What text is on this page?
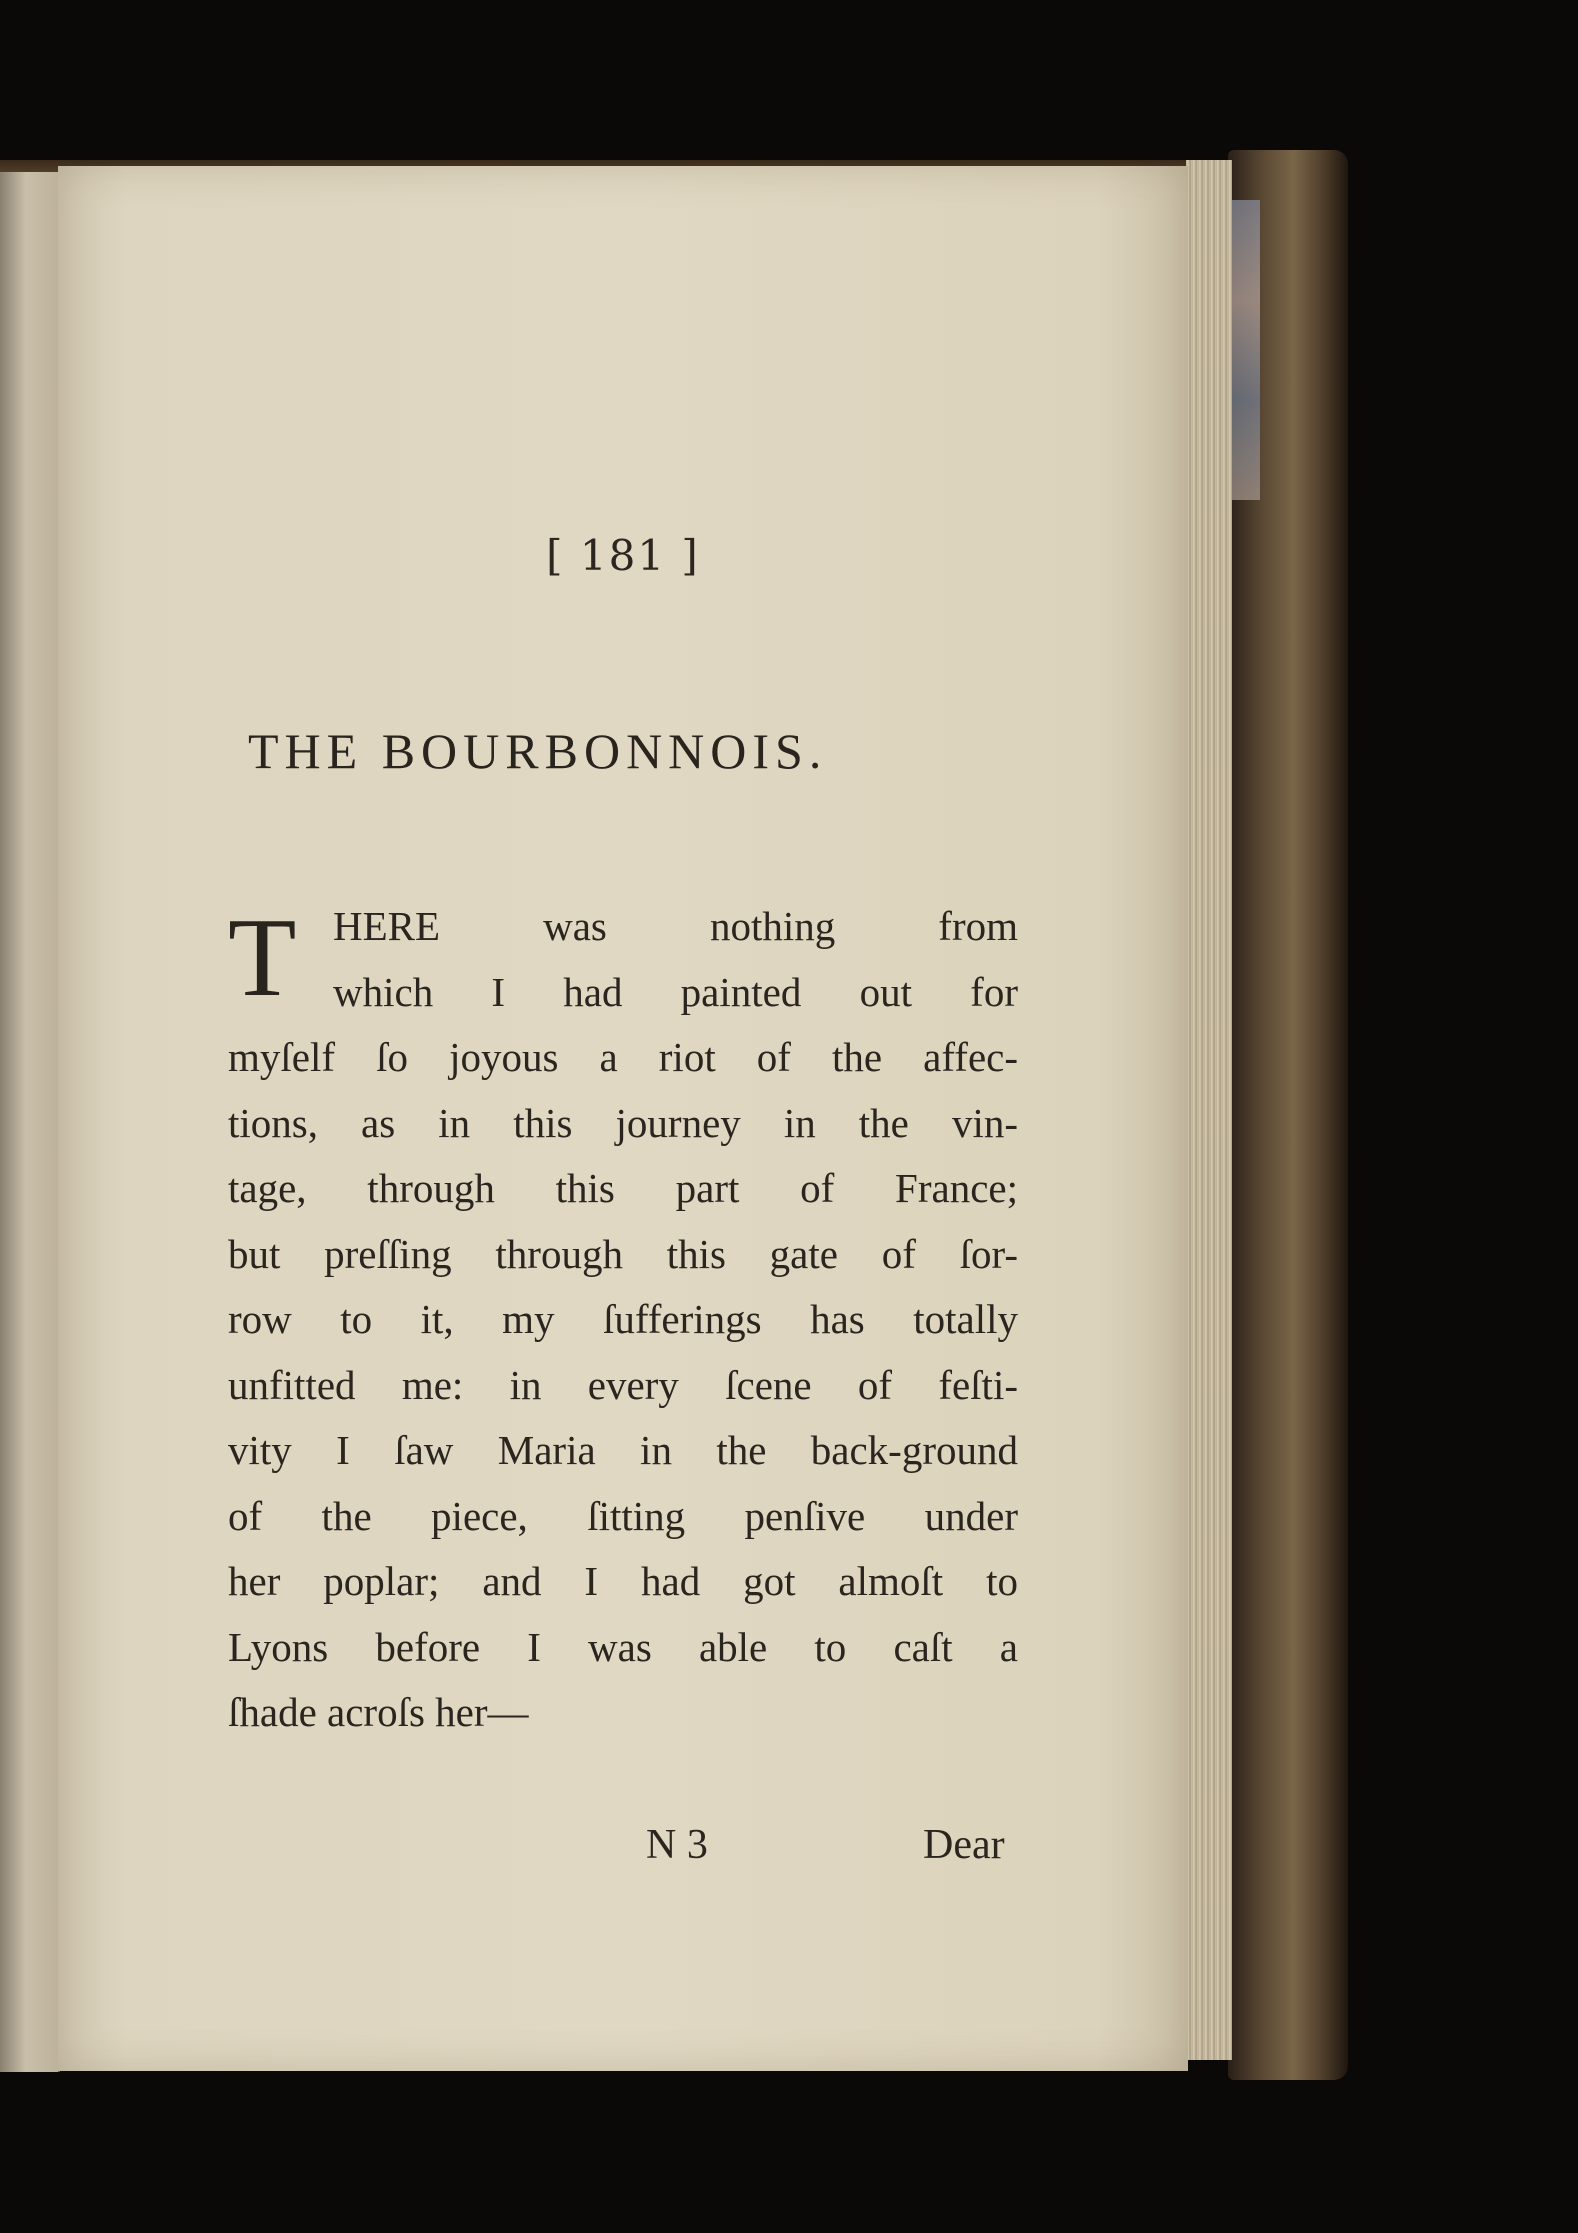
[ 181 ]
THE BOURBONNOIS.
T HERE was nothing from
which I had painted out for
myſelf ſo joyous a riot of the affec-
tions, as in this journey in the vin-
tage, through this part of France;
but preſſing through this gate of ſor-
row to it, my ſufferings has totally
unfitted me: in every ſcene of feſti-
vity I ſaw Maria in the back-ground
of the piece, ſitting penſive under
her poplar; and I had got almoſt to
Lyons before I was able to caſt a
ſhade acroſs her—
N 3	Dear
